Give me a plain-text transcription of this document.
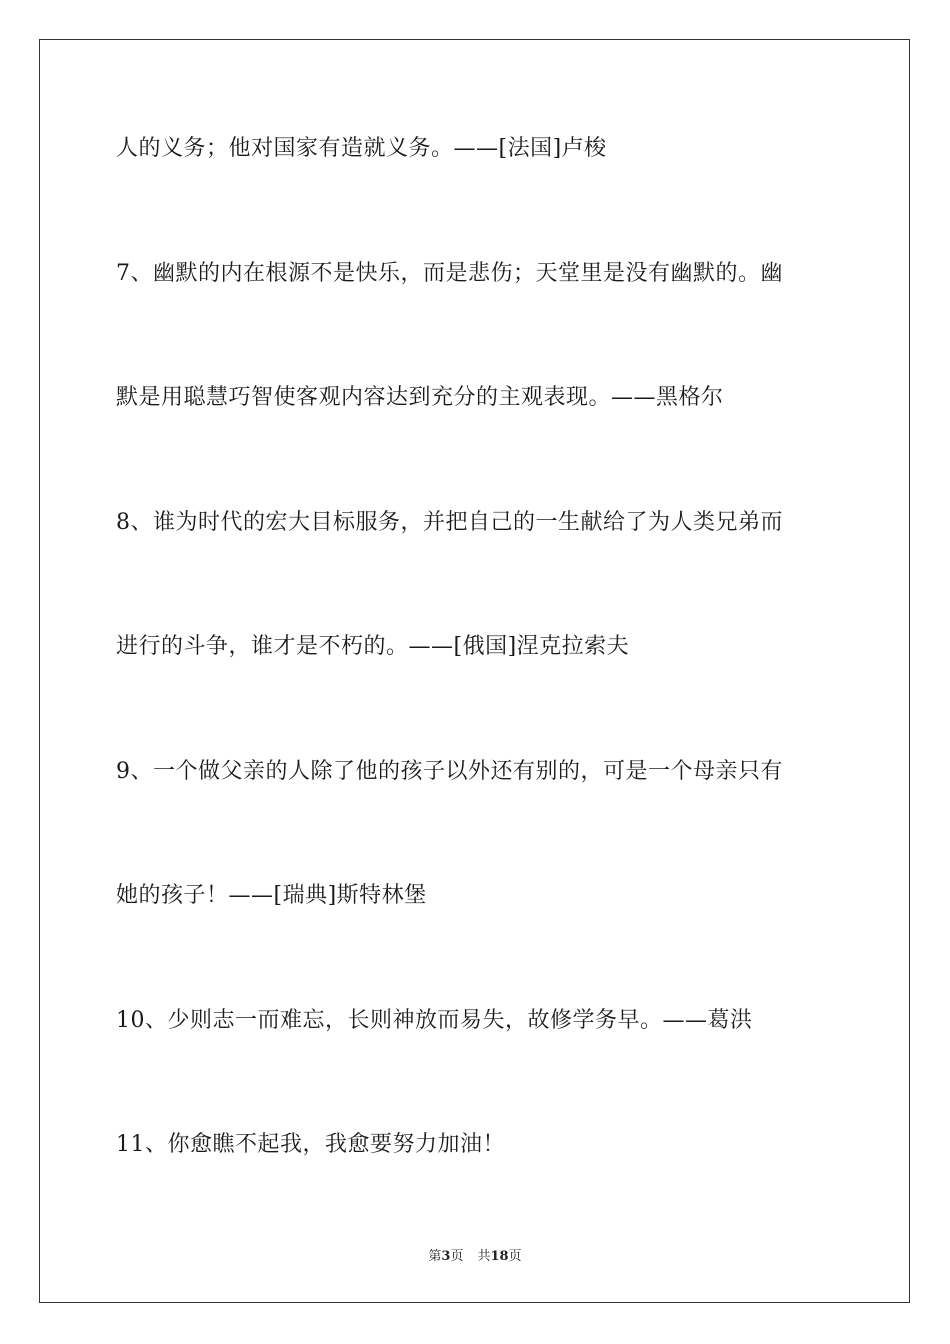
人的义务；他对国家有造就义务。——[法国]卢梭
7、幽默的内在根源不是快乐，而是悲伤；天堂里是没有幽默的。幽
默是用聪慧巧智使客观内容达到充分的主观表现。——黑格尔
8、谁为时代的宏大目标服务，并把自己的一生献给了为人类兄弟而
进行的斗争，谁才是不朽的。——[俄国]涅克拉索夫
9、一个做父亲的人除了他的孩子以外还有别的，可是一个母亲只有
她的孩子！——[瑞典]斯特林堡
10、少则志一而难忘，长则神放而易失，故修学务早。——葛洪
11、你愈瞧不起我，我愈要努力加油！
第3页 共18页
